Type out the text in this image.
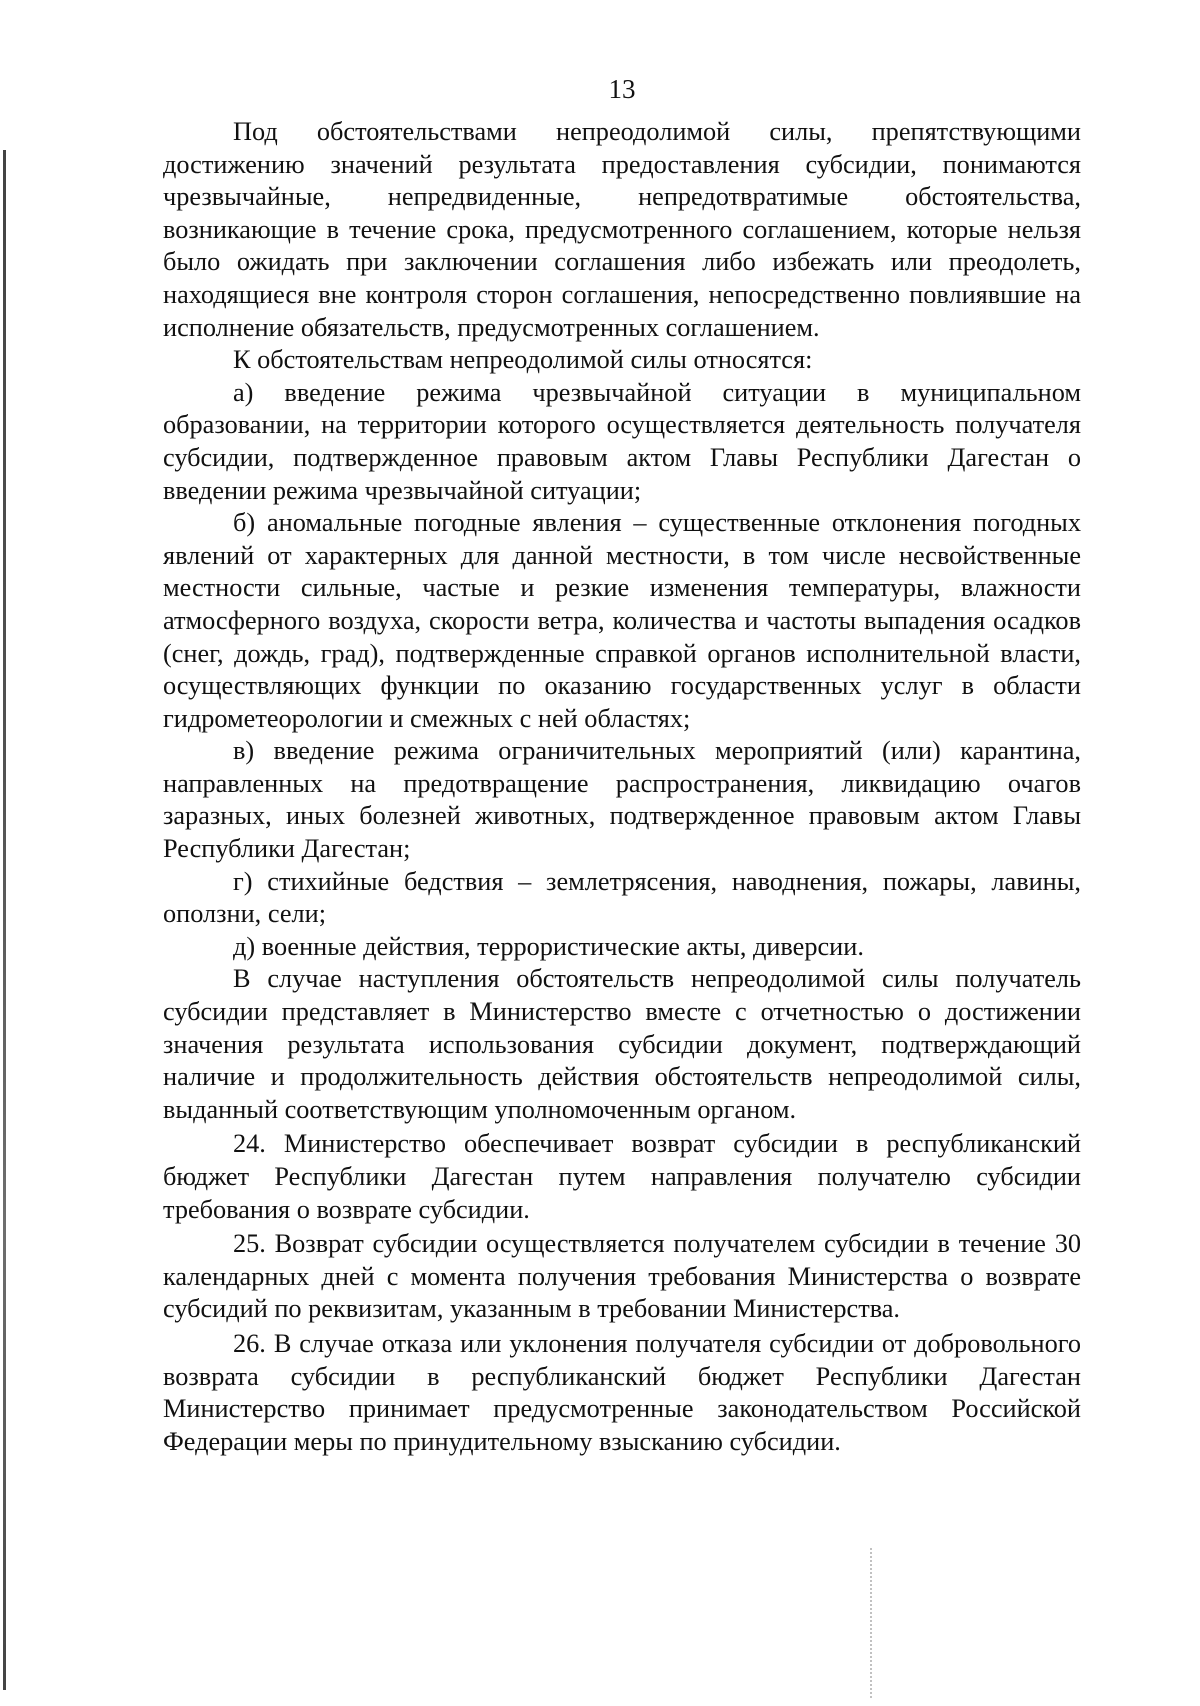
13

Под обстоятельствами непреодолимой силы, препятствующими достижению значений результата предоставления субсидии, понимаются чрезвычайные, непредвиденные, непредотвратимые обстоятельства, возникающие в течение срока, предусмотренного соглашением, которые нельзя было ожидать при заключении соглашения либо избежать или преодолеть, находящиеся вне контроля сторон соглашения, непосредственно повлиявшие на исполнение обязательств, предусмотренных соглашением.

К обстоятельствам непреодолимой силы относятся:

а) введение режима чрезвычайной ситуации в муниципальном образовании, на территории которого осуществляется деятельность получателя субсидии, подтвержденное правовым актом Главы Республики Дагестан о введении режима чрезвычайной ситуации;

б) аномальные погодные явления – существенные отклонения погодных явлений от характерных для данной местности, в том числе несвойственные местности сильные, частые и резкие изменения температуры, влажности атмосферного воздуха, скорости ветра, количества и частоты выпадения осадков (снег, дождь, град), подтвержденные справкой органов исполнительной власти, осуществляющих функции по оказанию государственных услуг в области гидрометеорологии и смежных с ней областях;

в) введение режима ограничительных мероприятий (или) карантина, направленных на предотвращение распространения, ликвидацию очагов заразных, иных болезней животных, подтвержденное правовым актом Главы Республики Дагестан;

г) стихийные бедствия – землетрясения, наводнения, пожары, лавины, оползни, сели;

д) военные действия, террористические акты, диверсии.

В случае наступления обстоятельств непреодолимой силы получатель субсидии представляет в Министерство вместе с отчетностью о достижении значения результата использования субсидии документ, подтверждающий наличие и продолжительность действия обстоятельств непреодолимой силы, выданный соответствующим уполномоченным органом.

24. Министерство обеспечивает возврат субсидии в республиканский бюджет Республики Дагестан путем направления получателю субсидии требования о возврате субсидии.

25. Возврат субсидии осуществляется получателем субсидии в течение 30 календарных дней с момента получения требования Министерства о возврате субсидий по реквизитам, указанным в требовании Министерства.

26. В случае отказа или уклонения получателя субсидии от добровольного возврата субсидии в республиканский бюджет Республики Дагестан Министерство принимает предусмотренные законодательством Российской Федерации меры по принудительному взысканию субсидии.
